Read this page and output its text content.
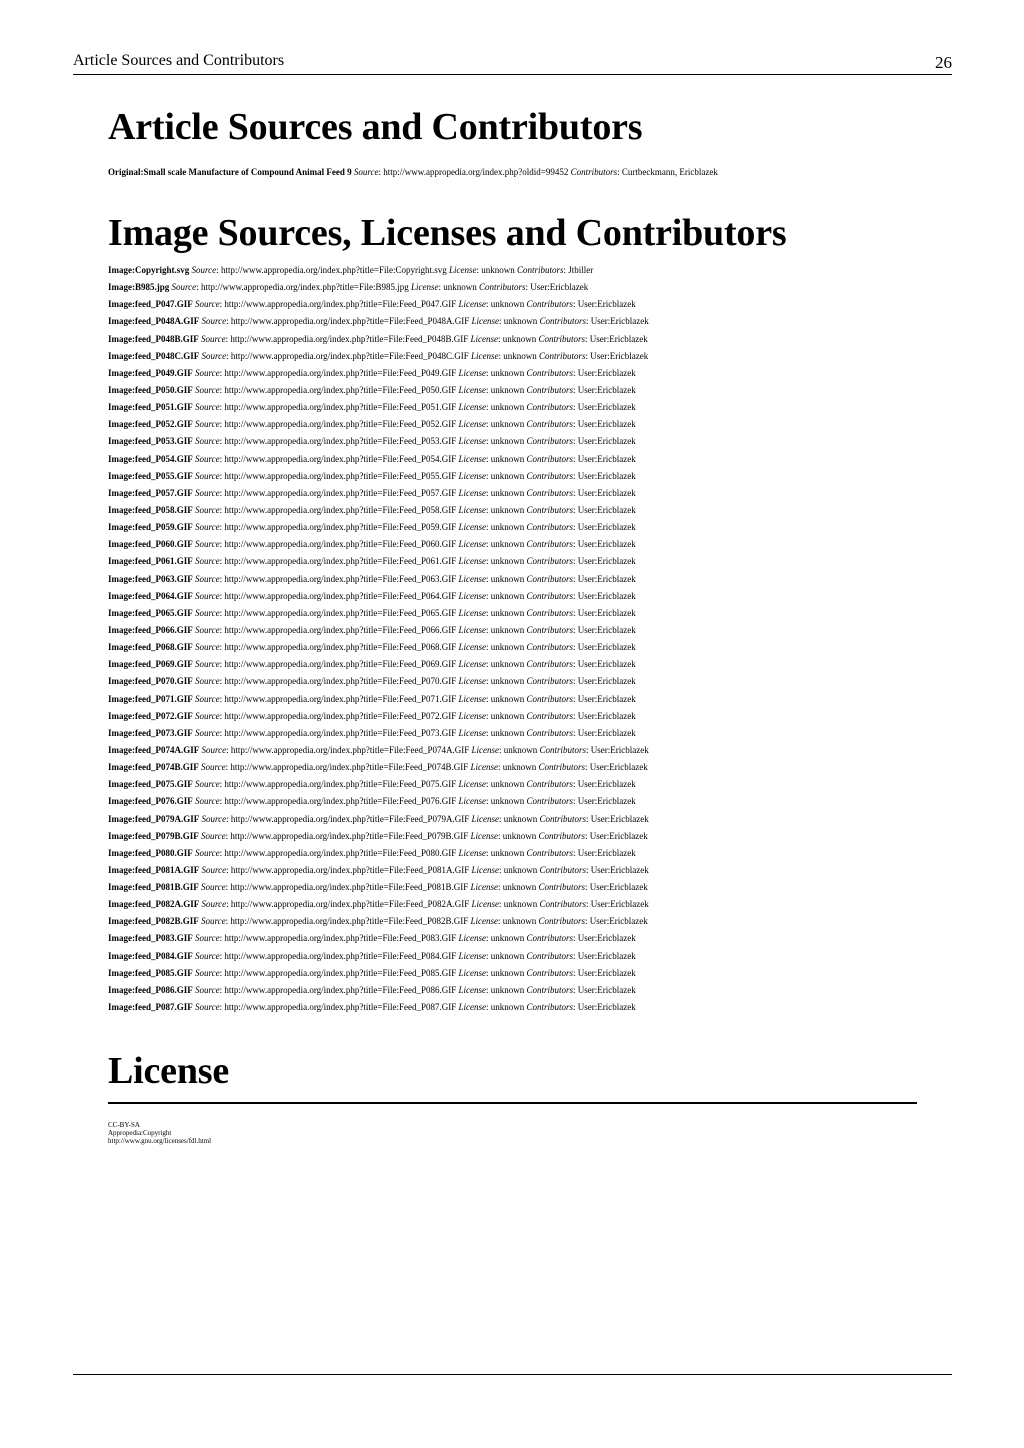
Article Sources and Contributors	26
Article Sources and Contributors
Original:Small scale Manufacture of Compound Animal Feed 9 Source: http://www.appropedia.org/index.php?oldid=99452 Contributors: Curtbeckmann, Ericblazek
Image Sources, Licenses and Contributors
Image:Copyright.svg Source: http://www.appropedia.org/index.php?title=File:Copyright.svg License: unknown Contributors: Jtbiller
Image:B985.jpg Source: http://www.appropedia.org/index.php?title=File:B985.jpg License: unknown Contributors: User:Ericblazek
Image:feed_P047.GIF Source: http://www.appropedia.org/index.php?title=File:Feed_P047.GIF License: unknown Contributors: User:Ericblazek
Image:feed_P048A.GIF Source: http://www.appropedia.org/index.php?title=File:Feed_P048A.GIF License: unknown Contributors: User:Ericblazek
Image:feed_P048B.GIF Source: http://www.appropedia.org/index.php?title=File:Feed_P048B.GIF License: unknown Contributors: User:Ericblazek
Image:feed_P048C.GIF Source: http://www.appropedia.org/index.php?title=File:Feed_P048C.GIF License: unknown Contributors: User:Ericblazek
Image:feed_P049.GIF Source: http://www.appropedia.org/index.php?title=File:Feed_P049.GIF License: unknown Contributors: User:Ericblazek
Image:feed_P050.GIF Source: http://www.appropedia.org/index.php?title=File:Feed_P050.GIF License: unknown Contributors: User:Ericblazek
Image:feed_P051.GIF Source: http://www.appropedia.org/index.php?title=File:Feed_P051.GIF License: unknown Contributors: User:Ericblazek
Image:feed_P052.GIF Source: http://www.appropedia.org/index.php?title=File:Feed_P052.GIF License: unknown Contributors: User:Ericblazek
Image:feed_P053.GIF Source: http://www.appropedia.org/index.php?title=File:Feed_P053.GIF License: unknown Contributors: User:Ericblazek
Image:feed_P054.GIF Source: http://www.appropedia.org/index.php?title=File:Feed_P054.GIF License: unknown Contributors: User:Ericblazek
Image:feed_P055.GIF Source: http://www.appropedia.org/index.php?title=File:Feed_P055.GIF License: unknown Contributors: User:Ericblazek
Image:feed_P057.GIF Source: http://www.appropedia.org/index.php?title=File:Feed_P057.GIF License: unknown Contributors: User:Ericblazek
Image:feed_P058.GIF Source: http://www.appropedia.org/index.php?title=File:Feed_P058.GIF License: unknown Contributors: User:Ericblazek
Image:feed_P059.GIF Source: http://www.appropedia.org/index.php?title=File:Feed_P059.GIF License: unknown Contributors: User:Ericblazek
Image:feed_P060.GIF Source: http://www.appropedia.org/index.php?title=File:Feed_P060.GIF License: unknown Contributors: User:Ericblazek
Image:feed_P061.GIF Source: http://www.appropedia.org/index.php?title=File:Feed_P061.GIF License: unknown Contributors: User:Ericblazek
Image:feed_P063.GIF Source: http://www.appropedia.org/index.php?title=File:Feed_P063.GIF License: unknown Contributors: User:Ericblazek
Image:feed_P064.GIF Source: http://www.appropedia.org/index.php?title=File:Feed_P064.GIF License: unknown Contributors: User:Ericblazek
Image:feed_P065.GIF Source: http://www.appropedia.org/index.php?title=File:Feed_P065.GIF License: unknown Contributors: User:Ericblazek
Image:feed_P066.GIF Source: http://www.appropedia.org/index.php?title=File:Feed_P066.GIF License: unknown Contributors: User:Ericblazek
Image:feed_P068.GIF Source: http://www.appropedia.org/index.php?title=File:Feed_P068.GIF License: unknown Contributors: User:Ericblazek
Image:feed_P069.GIF Source: http://www.appropedia.org/index.php?title=File:Feed_P069.GIF License: unknown Contributors: User:Ericblazek
Image:feed_P070.GIF Source: http://www.appropedia.org/index.php?title=File:Feed_P070.GIF License: unknown Contributors: User:Ericblazek
Image:feed_P071.GIF Source: http://www.appropedia.org/index.php?title=File:Feed_P071.GIF License: unknown Contributors: User:Ericblazek
Image:feed_P072.GIF Source: http://www.appropedia.org/index.php?title=File:Feed_P072.GIF License: unknown Contributors: User:Ericblazek
Image:feed_P073.GIF Source: http://www.appropedia.org/index.php?title=File:Feed_P073.GIF License: unknown Contributors: User:Ericblazek
Image:feed_P074A.GIF Source: http://www.appropedia.org/index.php?title=File:Feed_P074A.GIF License: unknown Contributors: User:Ericblazek
Image:feed_P074B.GIF Source: http://www.appropedia.org/index.php?title=File:Feed_P074B.GIF License: unknown Contributors: User:Ericblazek
Image:feed_P075.GIF Source: http://www.appropedia.org/index.php?title=File:Feed_P075.GIF License: unknown Contributors: User:Ericblazek
Image:feed_P076.GIF Source: http://www.appropedia.org/index.php?title=File:Feed_P076.GIF License: unknown Contributors: User:Ericblazek
Image:feed_P079A.GIF Source: http://www.appropedia.org/index.php?title=File:Feed_P079A.GIF License: unknown Contributors: User:Ericblazek
Image:feed_P079B.GIF Source: http://www.appropedia.org/index.php?title=File:Feed_P079B.GIF License: unknown Contributors: User:Ericblazek
Image:feed_P080.GIF Source: http://www.appropedia.org/index.php?title=File:Feed_P080.GIF License: unknown Contributors: User:Ericblazek
Image:feed_P081A.GIF Source: http://www.appropedia.org/index.php?title=File:Feed_P081A.GIF License: unknown Contributors: User:Ericblazek
Image:feed_P081B.GIF Source: http://www.appropedia.org/index.php?title=File:Feed_P081B.GIF License: unknown Contributors: User:Ericblazek
Image:feed_P082A.GIF Source: http://www.appropedia.org/index.php?title=File:Feed_P082A.GIF License: unknown Contributors: User:Ericblazek
Image:feed_P082B.GIF Source: http://www.appropedia.org/index.php?title=File:Feed_P082B.GIF License: unknown Contributors: User:Ericblazek
Image:feed_P083.GIF Source: http://www.appropedia.org/index.php?title=File:Feed_P083.GIF License: unknown Contributors: User:Ericblazek
Image:feed_P084.GIF Source: http://www.appropedia.org/index.php?title=File:Feed_P084.GIF License: unknown Contributors: User:Ericblazek
Image:feed_P085.GIF Source: http://www.appropedia.org/index.php?title=File:Feed_P085.GIF License: unknown Contributors: User:Ericblazek
Image:feed_P086.GIF Source: http://www.appropedia.org/index.php?title=File:Feed_P086.GIF License: unknown Contributors: User:Ericblazek
Image:feed_P087.GIF Source: http://www.appropedia.org/index.php?title=File:Feed_P087.GIF License: unknown Contributors: User:Ericblazek
License
CC-BY-SA
Appropedia:Copyright
http://www.gnu.org/licenses/fdl.html
